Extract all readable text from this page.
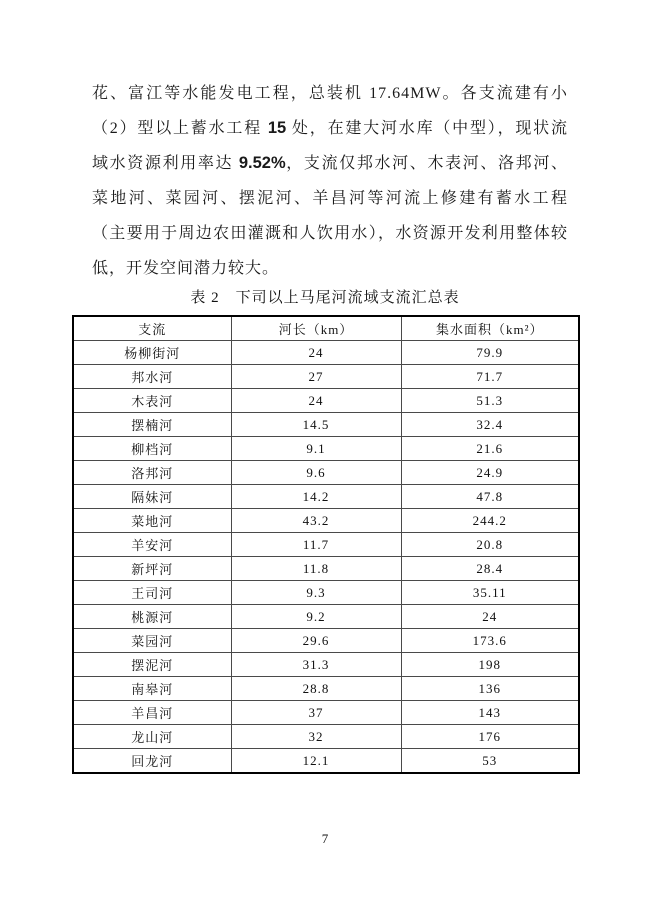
花、富江等水能发电工程，总装机 17.64MW。各支流建有小
（2）型以上蓄水工程 15 处，在建大河水库（中型），现状流
域水资源利用率达 9.52%，支流仅邦水河、木表河、洛邦河、
菜地河、菜园河、摆泥河、羊昌河等河流上修建有蓄水工程
（主要用于周边农田灌溉和人饮用水），水资源开发利用整体较
低，开发空间潜力较大。
表 2　下司以上马尾河流域支流汇总表
支流	河长（km）	集水面积（km²）
杨柳街河	24	79.9
邦水河	27	71.7
木表河	24	51.3
摆楠河	14.5	32.4
柳档河	9.1	21.6
洛邦河	9.6	24.9
隔妹河	14.2	47.8
菜地河	43.2	244.2
羊安河	11.7	20.8
新坪河	11.8	28.4
王司河	9.3	35.11
桃源河	9.2	24
菜园河	29.6	173.6
摆泥河	31.3	198
南皋河	28.8	136
羊昌河	37	143
龙山河	32	176
回龙河	12.1	53
7
